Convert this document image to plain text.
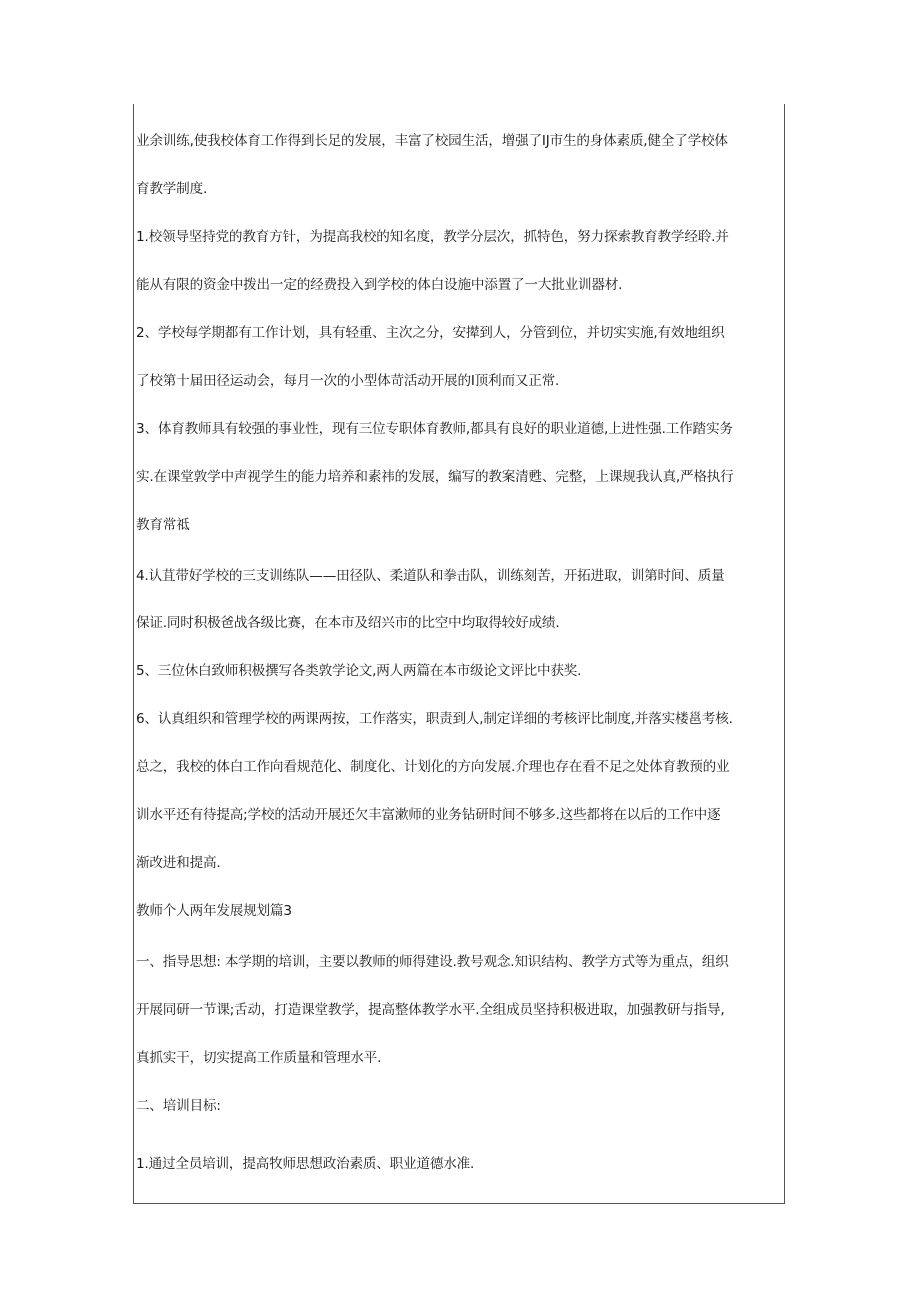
业余训练,使我校体育工作得到长足的发展，丰富了校园生活，增强了IJ市生的身体素质,健全了学校体

育教学制度.

1.校领导坚持党的教育方针，为提高我校的知名度，教学分层次，抓特色，努力探索教育教学经聆.并

能从有限的资金中拨出一定的经费投入到学校的体白设施中添置了一大批业训器材.

2、学校每学期都有工作计划，具有轻重、主次之分，安撵到人，分管到位，并切实实施,有效地组织

了校第十届田径运动会，每月一次的小型体苛活动开展的I顶利而又正常.

3、体育教师具有较强的事业性，现有三位专职体育教师,都具有良好的职业道德,上进性强.工作踏实务

实.在课堂敦学中声视学生的能力培养和素祎的发展，编写的教案清甦、完整，上课规我认真,严格执行

教育常祗

4.认苴带好学校的三支训练队——田径队、柔道队和拳击队，训练刻苦，开拓进取，训第时间、质量

保证.同时积极爸战各级比赛，在本市及绍兴市的比空中均取得较好成绩.

5、三位休白致师积极撰写各类敦学论文,两人两篇在本市级论文评比中获奖.

6、认真组织和管理学校的两课两按，工作落实，职责到人,制定详细的考核评比制度,并落实楼邕考核.

总之，我校的体白工作向看规范化、制度化、计划化的方向发展.介理也存在看不足之处体育教预的业

训水平还有待提高;学校的活动开展还欠丰富漱师的业务钻研时间不够多.这些都将在以后的工作中逐

渐改进和提高.

教师个人两年发展规划篇3

一、指导思想: 本学期的培训，主要以教师的师得建设.教号观念.知识结构、教学方式等为重点，组织

开展同研一节课;舌动，打造课堂教学，提高整体教学水平.全组成员坚持积极进取，加强教研与指导,

真抓实干，切实提高工作质量和管理水平.

二、培训目标:

1.通过全员培训，提高牧师思想政治素质、职业道德水准.
